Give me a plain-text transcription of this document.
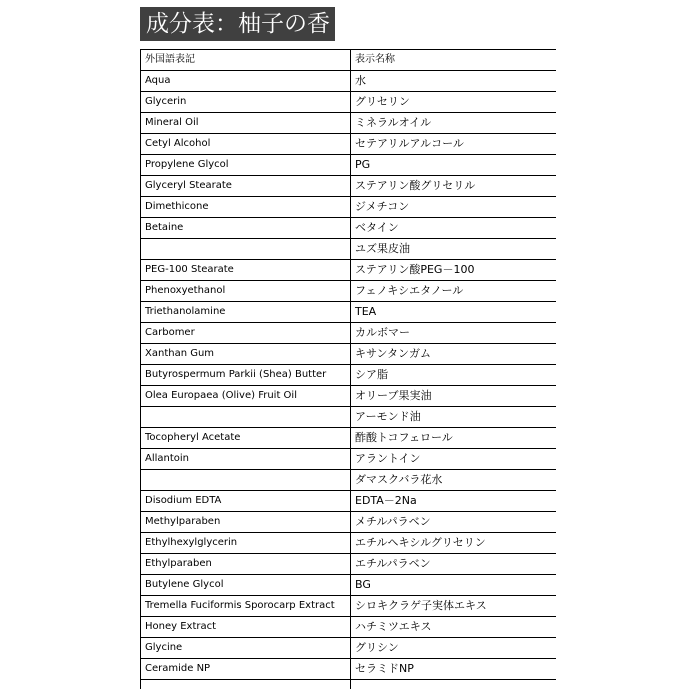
成分表：柚子の香
外国語表記	表示名称
Aqua	水
Glycerin	グリセリン
Mineral Oil	ミネラルオイル
Cetyl Alcohol	セテアリルアルコール
Propylene Glycol	PG
Glyceryl Stearate	ステアリン酸グリセリル
Dimethicone	ジメチコン
Betaine	ベタイン
	ユズ果皮油
PEG-100 Stearate	ステアリン酸PEG－100
Phenoxyethanol	フェノキシエタノール
Triethanolamine	TEA
Carbomer	カルボマー
Xanthan Gum	キサンタンガム
Butyrospermum Parkii (Shea) Butter	シア脂
Olea Europaea (Olive) Fruit Oil	オリーブ果実油
	アーモンド油
Tocopheryl Acetate	酢酸トコフェロール
Allantoin	アラントイン
	ダマスクバラ花水
Disodium EDTA	EDTA－2Na
Methylparaben	メチルパラベン
Ethylhexylglycerin	エチルヘキシルグリセリン
Ethylparaben	エチルパラベン
Butylene Glycol	BG
Tremella Fuciformis Sporocarp Extract	シロキクラゲ子実体エキス
Honey Extract	ハチミツエキス
Glycine	グリシン
Ceramide NP	セラミドNP
